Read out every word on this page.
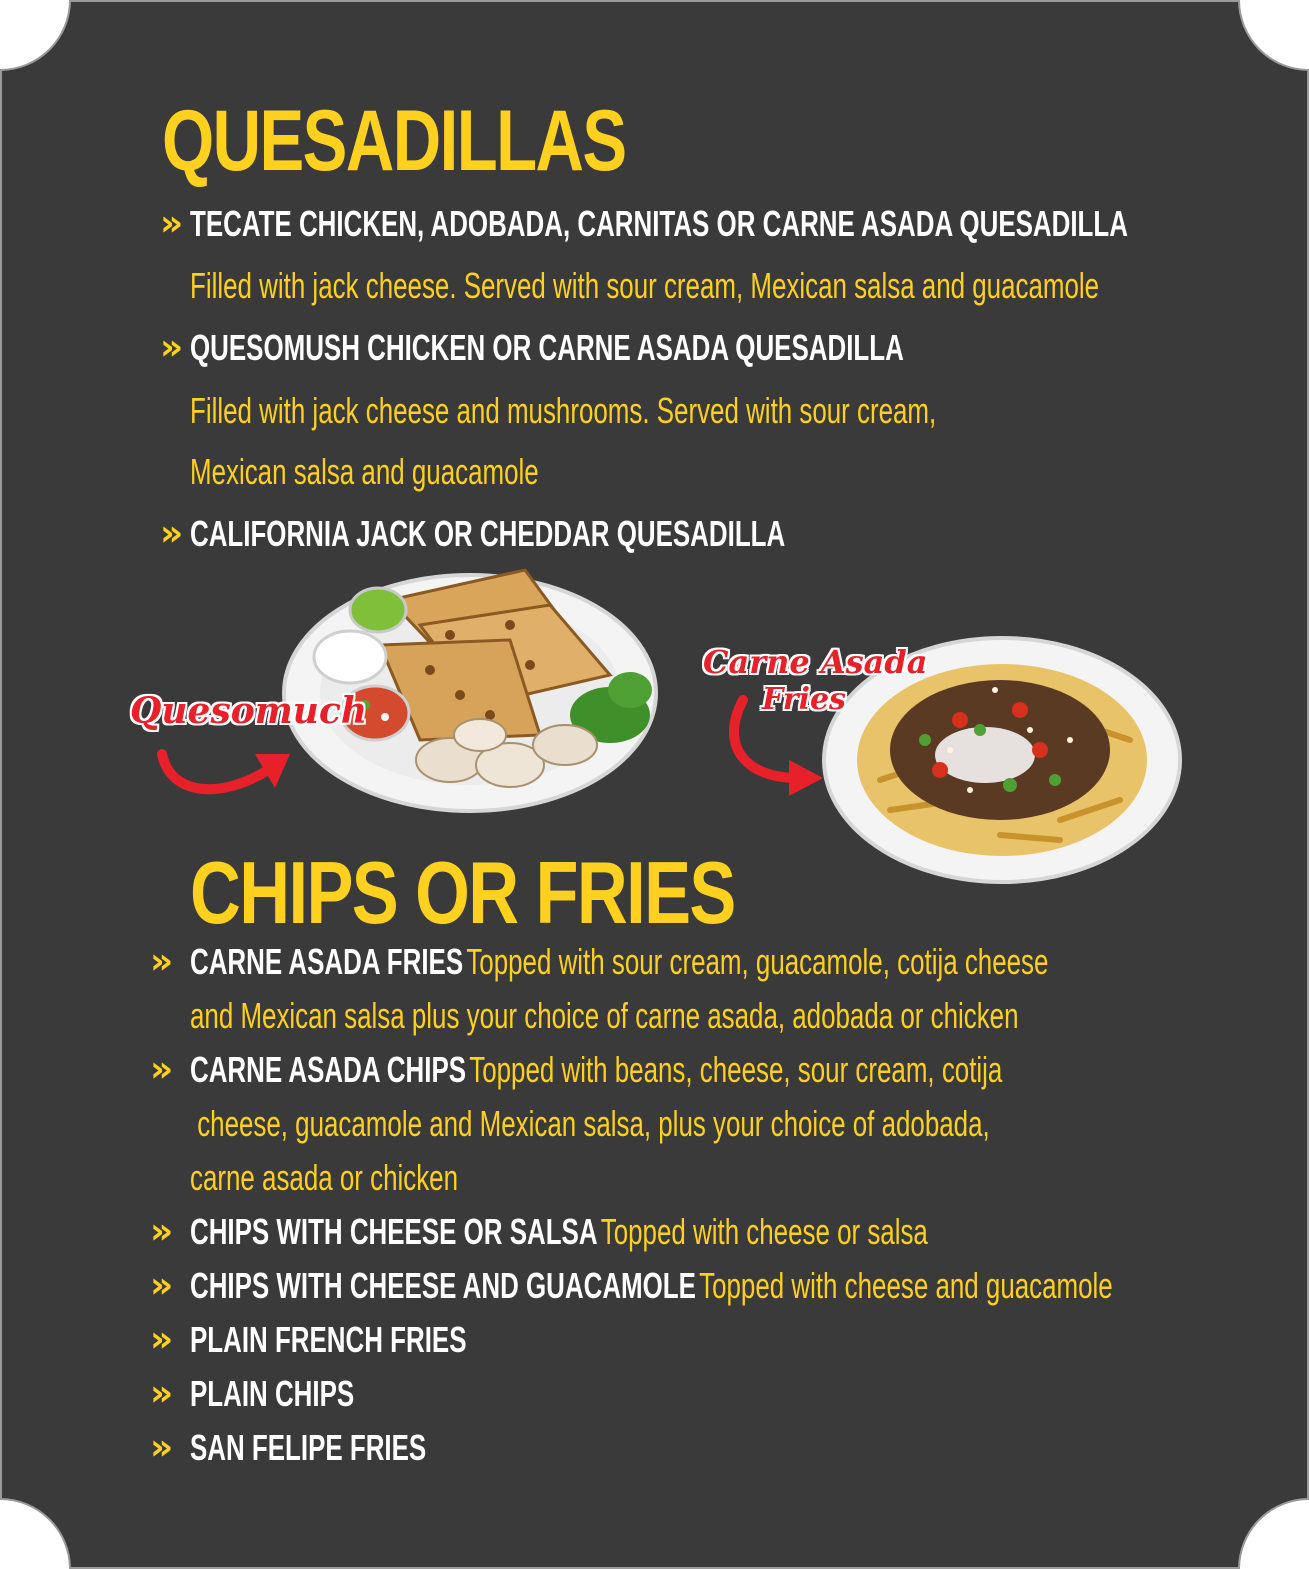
QUESADILLAS
» TECATE CHICKEN, ADOBADA, CARNITAS OR CARNE ASADA QUESADILLA
Filled with jack cheese. Served with sour cream, Mexican salsa and guacamole
» QUESOMUSH CHICKEN OR CARNE ASADA QUESADILLA
Filled with jack cheese and mushrooms. Served with sour cream,
Mexican salsa and guacamole
» CALIFORNIA JACK OR CHEDDAR QUESADILLA
Quesomuch
Carne Asada
Fries
CHIPS OR FRIES
» CARNE ASADA FRIES Topped with sour cream, guacamole, cotija cheese
and Mexican salsa plus your choice of carne asada, adobada or chicken
» CARNE ASADA CHIPS Topped with beans, cheese, sour cream, cotija
cheese, guacamole and Mexican salsa, plus your choice of adobada,
carne asada or chicken
» CHIPS WITH CHEESE OR SALSA Topped with cheese or salsa
» CHIPS WITH CHEESE AND GUACAMOLE Topped with cheese and guacamole
» PLAIN FRENCH FRIES
» PLAIN CHIPS
» SAN FELIPE FRIES
